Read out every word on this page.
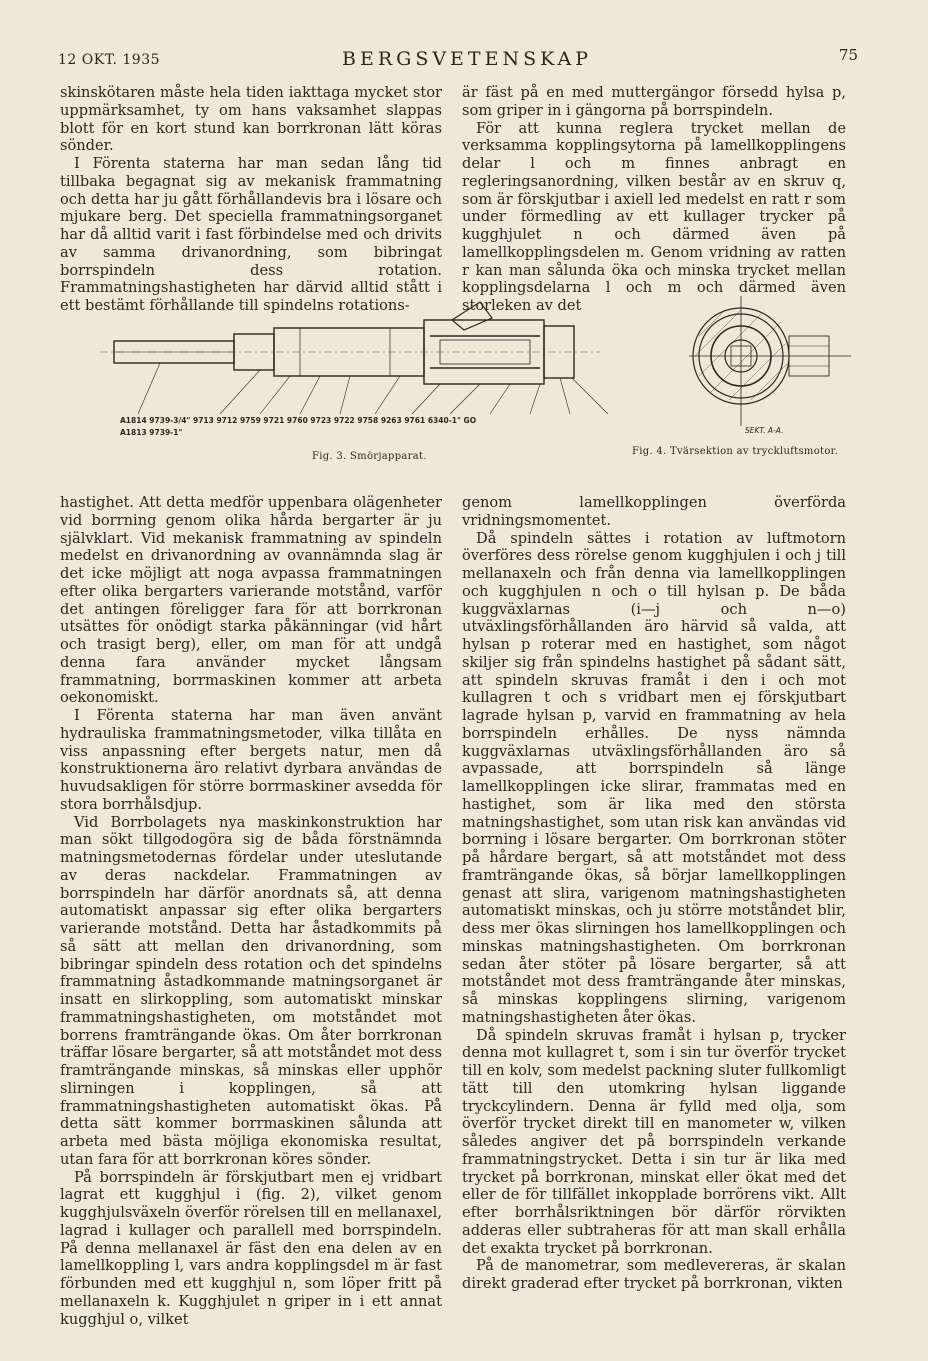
12 OKT. 1935	BERGSVETENSKAP	75

skinskötaren måste hela tiden iakttaga mycket stor uppmärksamhet, ty om hans vaksamhet slappas blott för en kort stund kan borrkronan lätt köras sönder.

I Förenta staterna har man sedan lång tid tillbaka begagnat sig av mekanisk frammatning och detta har ju gått förhållandevis bra i lösare och mjukare berg. Det speciella frammatningsorganet har då alltid varit i fast förbindelse med och drivits av samma drivanordning, som bibringat borrspindeln dess rotation. Frammatningshastigheten har därvid alltid stått i ett bestämt förhållande till spindelns rotations-

är fäst på en med muttergängor försedd hylsa p, som griper in i gängorna på borrspindeln.

För att kunna reglera trycket mellan de verksamma kopplingsytorna på lamellkopplingens delar l och m finnes anbragt en regleringsanordning, vilken består av en skruv q, som är förskjutbar i axiell led medelst en ratt r som under förmedling av ett kullager trycker på kugghjulet n och därmed även på lamellkopplingsdelen m. Genom vridning av ratten r kan man sålunda öka och minska trycket mellan kopplingsdelarna l och m och därmed även storleken av det

A1814 9739-3/4" 9713 9712 9759 9721 9760 9723 9722 9758 9263 9761 6340-1" GO
A1813 9739-1"	SEKT. A-A.
Fig. 3. Smörjapparat.	Fig. 4. Tvärsektion av tryckluftsmotor.

hastighet. Att detta medför uppenbara olägenheter vid borrning genom olika hårda bergarter är ju självklart. Vid mekanisk frammatning av spindeln medelst en drivanordning av ovannämnda slag är det icke möjligt att noga avpassa frammatningen efter olika bergarters varierande motstånd, varför det antingen föreligger fara för att borrkronan utsättes för onödigt starka påkänningar (vid hårt och trasigt berg), eller, om man för att undgå denna fara använder mycket långsam frammatning, borrmaskinen kommer att arbeta oekonomiskt.

I Förenta staterna har man även använt hydrauliska frammatningsmetoder, vilka tillåta en viss anpassning efter bergets natur, men då konstruktionerna äro relativt dyrbara användas de huvudsakligen för större borrmaskiner avsedda för stora borrhålsdjup.

Vid Borrbolagets nya maskinkonstruktion har man sökt tillgodogöra sig de båda förstnämnda matningsmetodernas fördelar under uteslutande av deras nackdelar. Frammatningen av borrspindeln har därför anordnats så, att denna automatiskt anpassar sig efter olika bergarters varierande motstånd. Detta har åstadkommits på så sätt att mellan den drivanordning, som bibringar spindeln dess rotation och det spindelns frammatning åstadkommande matningsorganet är insatt en slirkoppling, som automatiskt minskar frammatningshastigheten, om motståndet mot borrens framträngande ökas. Om åter borrkronan träffar lösare bergarter, så att motståndet mot dess framträngande minskas, så minskas eller upphör slirningen i kopplingen, så att frammatningshastigheten automatiskt ökas. På detta sätt kommer borrmaskinen sålunda att arbeta med bästa möjliga ekonomiska resultat, utan fara för att borrkronan köres sönder.

På borrspindeln är förskjutbart men ej vridbart lagrat ett kugghjul i (fig. 2), vilket genom kugghjulsväxeln överför rörelsen till en mellanaxel, lagrad i kullager och parallell med borrspindeln. På denna mellanaxel är fäst den ena delen av en lamellkoppling l, vars andra kopplingsdel m är fast förbunden med ett kugghjul n, som löper fritt på mellanaxeln k. Kugghjulet n griper in i ett annat kugghjul o, vilket

genom lamellkopplingen överförda vridningsmomentet.

Då spindeln sättes i rotation av luftmotorn överföres dess rörelse genom kugghjulen i och j till mellanaxeln och från denna via lamellkopplingen och kugghjulen n och o till hylsan p. De båda kuggväxlarnas (i—j och n—o) utväxlingsförhållanden äro härvid så valda, att hylsan p roterar med en hastighet, som något skiljer sig från spindelns hastighet på sådant sätt, att spindeln skruvas framåt i den i och mot kullagren t och s vridbart men ej förskjutbart lagrade hylsan p, varvid en frammatning av hela borrspindeln erhålles. De nyss nämnda kuggväxlarnas utväxlingsförhållanden äro så avpassade, att borrspindeln så länge lamellkopplingen icke slirar, frammatas med en hastighet, som är lika med den största matningshastighet, som utan risk kan användas vid borrning i lösare bergarter. Om borrkronan stöter på hårdare bergart, så att motståndet mot dess framträngande ökas, så börjar lamellkopplingen genast att slira, varigenom matningshastigheten automatiskt minskas, och ju större motståndet blir, dess mer ökas slirningen hos lamellkopplingen och minskas matningshastigheten. Om borrkronan sedan åter stöter på lösare bergarter, så att motståndet mot dess framträngande åter minskas, så minskas kopplingens slirning, varigenom matningshastigheten åter ökas.

Då spindeln skruvas framåt i hylsan p, trycker denna mot kullagret t, som i sin tur överför trycket till en kolv, som medelst packning sluter fullkomligt tätt till den utomkring hylsan liggande tryckcylindern. Denna är fylld med olja, som överför trycket direkt till en manometer w, vilken således angiver det på borrspindeln verkande frammatningstrycket. Detta i sin tur är lika med trycket på borrkronan, minskat eller ökat med det eller de för tillfället inkopplade borrörens vikt. Allt efter borrhålsriktningen bör därför rörvikten adderas eller subtraheras för att man skall erhålla det exakta trycket på borrkronan.

På de manometrar, som medlevereras, är skalan direkt graderad efter trycket på borrkronan, vikten
